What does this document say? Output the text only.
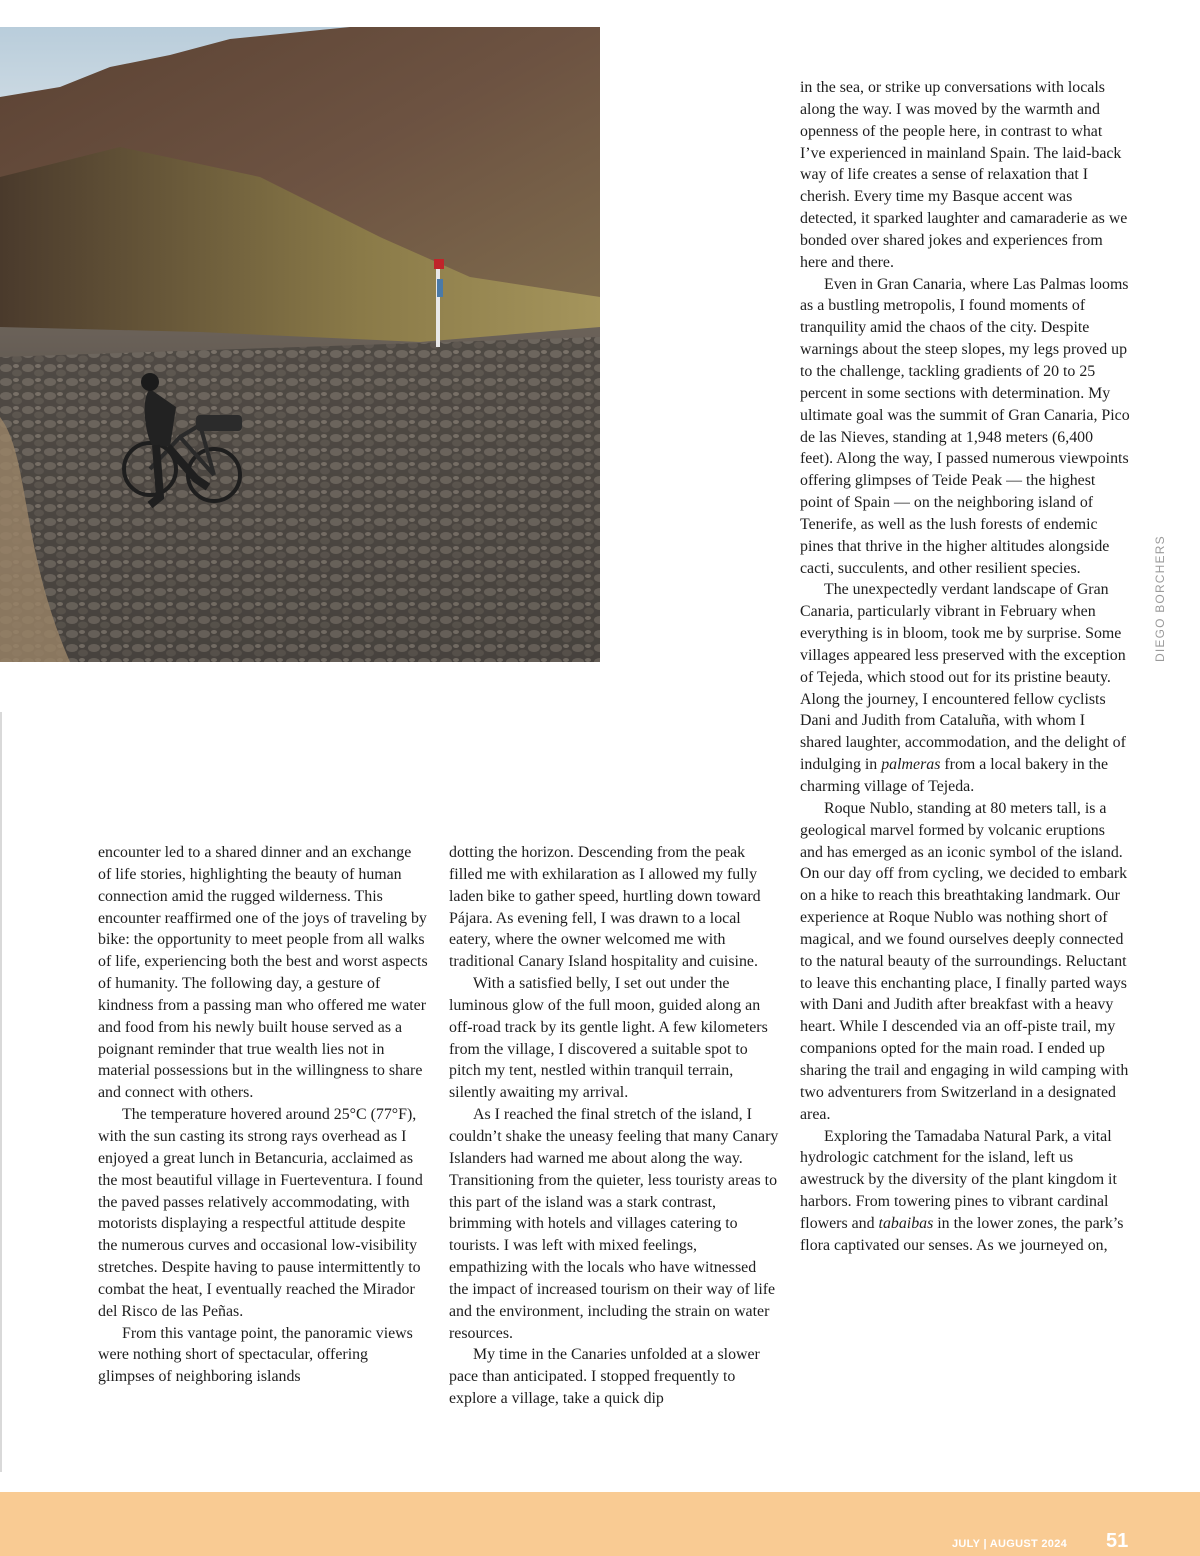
encounter led to a shared dinner and an exchange of life stories, highlighting the beauty of human connection amid the rugged wilderness. This encounter reaffirmed one of the joys of traveling by bike: the opportunity to meet people from all walks of life, experiencing both the best and worst aspects of humanity. The following day, a gesture of kindness from a passing man who offered me water and food from his newly built house served as a poignant reminder that true wealth lies not in material possessions but in the willingness to share and connect with others.

The temperature hovered around 25°C (77°F), with the sun casting its strong rays overhead as I enjoyed a great lunch in Betancuria, acclaimed as the most beautiful village in Fuerteventura. I found the paved passes relatively accommodating, with motorists displaying a respectful attitude despite the numerous curves and occasional low-visibility stretches. Despite having to pause intermittently to combat the heat, I eventually reached the Mirador del Risco de las Peñas.

From this vantage point, the panoramic views were nothing short of spectacular, offering glimpses of neighboring islands

dotting the horizon. Descending from the peak filled me with exhilaration as I allowed my fully laden bike to gather speed, hurtling down toward Pájara. As evening fell, I was drawn to a local eatery, where the owner welcomed me with traditional Canary Island hospitality and cuisine.

With a satisfied belly, I set out under the luminous glow of the full moon, guided along an off-road track by its gentle light. A few kilometers from the village, I discovered a suitable spot to pitch my tent, nestled within tranquil terrain, silently awaiting my arrival.

As I reached the final stretch of the island, I couldn’t shake the uneasy feeling that many Canary Islanders had warned me about along the way. Transitioning from the quieter, less touristy areas to this part of the island was a stark contrast, brimming with hotels and villages catering to tourists. I was left with mixed feelings, empathizing with the locals who have witnessed the impact of increased tourism on their way of life and the environment, including the strain on water resources.

My time in the Canaries unfolded at a slower pace than anticipated. I stopped frequently to explore a village, take a quick dip

in the sea, or strike up conversations with locals along the way. I was moved by the warmth and openness of the people here, in contrast to what I’ve experienced in mainland Spain. The laid-back way of life creates a sense of relaxation that I cherish. Every time my Basque accent was detected, it sparked laughter and camaraderie as we bonded over shared jokes and experiences from here and there.

Even in Gran Canaria, where Las Palmas looms as a bustling metropolis, I found moments of tranquility amid the chaos of the city. Despite warnings about the steep slopes, my legs proved up to the challenge, tackling gradients of 20 to 25 percent in some sections with determination. My ultimate goal was the summit of Gran Canaria, Pico de las Nieves, standing at 1,948 meters (6,400 feet). Along the way, I passed numerous viewpoints offering glimpses of Teide Peak — the highest point of Spain — on the neighboring island of Tenerife, as well as the lush forests of endemic pines that thrive in the higher altitudes alongside cacti, succulents, and other resilient species.

The unexpectedly verdant landscape of Gran Canaria, particularly vibrant in February when everything is in bloom, took me by surprise. Some villages appeared less preserved with the exception of Tejeda, which stood out for its pristine beauty. Along the journey, I encountered fellow cyclists Dani and Judith from Cataluña, with whom I shared laughter, accommodation, and the delight of indulging in palmeras from a local bakery in the charming village of Tejeda.

Roque Nublo, standing at 80 meters tall, is a geological marvel formed by volcanic eruptions and has emerged as an iconic symbol of the island. On our day off from cycling, we decided to embark on a hike to reach this breathtaking landmark. Our experience at Roque Nublo was nothing short of magical, and we found ourselves deeply connected to the natural beauty of the surroundings. Reluctant to leave this enchanting place, I finally parted ways with Dani and Judith after breakfast with a heavy heart. While I descended via an off-piste trail, my companions opted for the main road. I ended up sharing the trail and engaging in wild camping with two adventurers from Switzerland in a designated area.

Exploring the Tamadaba Natural Park, a vital hydrologic catchment for the island, left us awestruck by the diversity of the plant kingdom it harbors. From towering pines to vibrant cardinal flowers and tabaibas in the lower zones, the park’s flora captivated our senses. As we journeyed on,

DIEGO BORCHERS
JULY | AUGUST 2024 51
